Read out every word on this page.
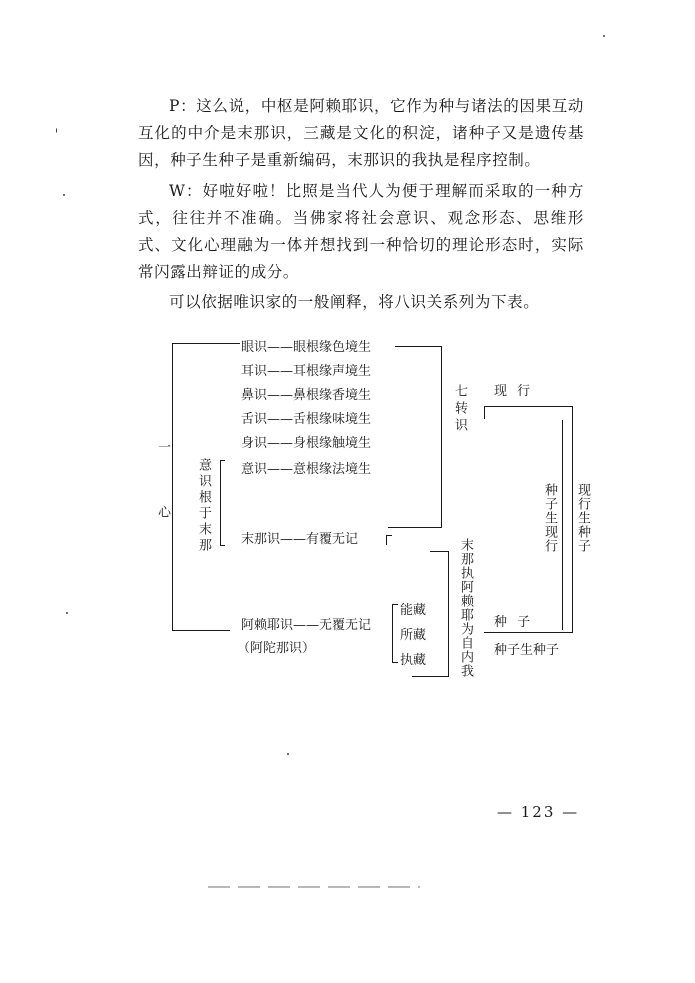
P：这么说，中枢是阿赖耶识，它作为种与诸法的因果互动互化的中介是末那识，三藏是文化的积淀，诸种子又是遗传基因，种子生种子是重新编码，末那识的我执是程序控制。

W：好啦好啦！比照是当代人为便于理解而采取的一种方式，往往并不准确。当佛家将社会意识、观念形态、思维形式、文化心理融为一体并想找到一种恰切的理论形态时，实际常闪露出辩证的成分。

可以依据唯识家的一般阐释，将八识关系列为下表。

一心
眼识——眼根缘色境生
耳识——耳根缘声境生
鼻识——鼻根缘香境生
舌识——舌根缘味境生
身识——身根缘触境生
意识——意根缘法境生
意识根于末那
七转识
末那识——有覆无记
阿赖耶识——无覆无记
（阿陀那识）
能藏
所藏
执藏 末那执阿赖耶为自内我
现 行
种子生现行 现行生种子
种 子
种子生种子
— 123 —
